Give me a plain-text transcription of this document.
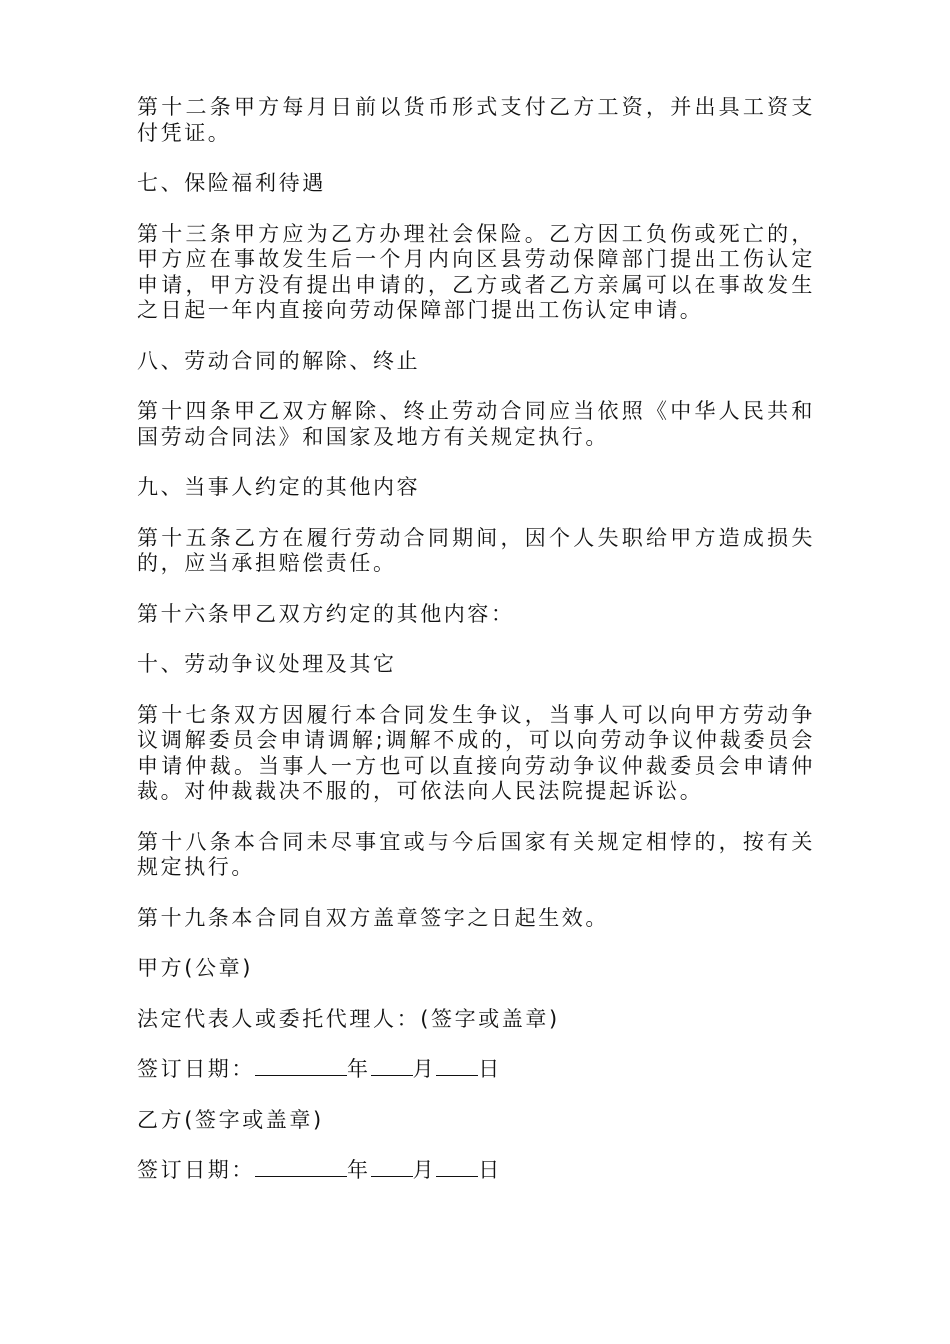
第十二条甲方每月日前以货币形式支付乙方工资，并出具工资支付凭证。

七、保险福利待遇

第十三条甲方应为乙方办理社会保险。乙方因工负伤或死亡的，甲方应在事故发生后一个月内向区县劳动保障部门提出工伤认定申请，甲方没有提出申请的，乙方或者乙方亲属可以在事故发生之日起一年内直接向劳动保障部门提出工伤认定申请。

八、劳动合同的解除、终止

第十四条甲乙双方解除、终止劳动合同应当依照《中华人民共和国劳动合同法》和国家及地方有关规定执行。

九、当事人约定的其他内容

第十五条乙方在履行劳动合同期间，因个人失职给甲方造成损失的，应当承担赔偿责任。

第十六条甲乙双方约定的其他内容：

十、劳动争议处理及其它

第十七条双方因履行本合同发生争议，当事人可以向甲方劳动争议调解委员会申请调解;调解不成的，可以向劳动争议仲裁委员会申请仲裁。当事人一方也可以直接向劳动争议仲裁委员会申请仲裁。对仲裁裁决不服的，可依法向人民法院提起诉讼。

第十八条本合同未尽事宜或与今后国家有关规定相悖的，按有关规定执行。

第十九条本合同自双方盖章签字之日起生效。

甲方(公章)

法定代表人或委托代理人：(签字或盖章)

签订日期：	年 月 日

乙方(签字或盖章)

签订日期：	年 月 日
